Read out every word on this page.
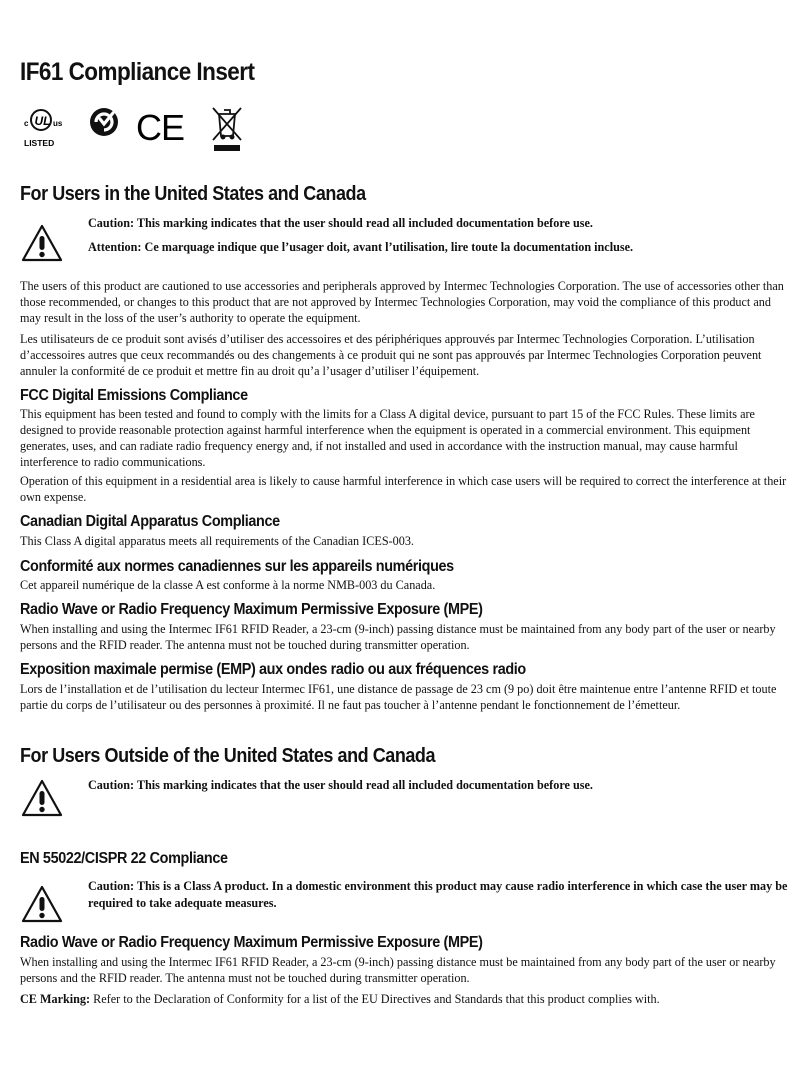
IF61 Compliance Insert
c UL us
LISTED CE
For Users in the United States and Canada
Caution: This marking indicates that the user should read all included documentation before use.
Attention: Ce marquage indique que l’usager doit, avant l’utilisation, lire toute la documentation incluse.

The users of this product are cautioned to use accessories and peripherals approved by Intermec Technologies Corporation. The use of accessories other than those recommended, or changes to this product that are not approved by Intermec Technologies Corporation, may void the compliance of this product and may result in the loss of the user’s authority to operate the equipment.

Les utilisateurs de ce produit sont avisés d’utiliser des accessoires et des périphériques approuvés par Intermec Technologies Corporation. L’utilisation d’accessoires autres que ceux recommandés ou des changements à ce produit qui ne sont pas approuvés par Intermec Technologies Corporation peuvent annuler la conformité de ce produit et mettre fin au droit qu’a l’usager d’utiliser l’équipement.

FCC Digital Emissions Compliance

This equipment has been tested and found to comply with the limits for a Class A digital device, pursuant to part 15 of the FCC Rules. These limits are designed to provide reasonable protection against harmful interference when the equipment is operated in a commercial environment. This equipment generates, uses, and can radiate radio frequency energy and, if not installed and used in accordance with the instruction manual, may cause harmful interference to radio communications.

Operation of this equipment in a residential area is likely to cause harmful interference in which case users will be required to correct the interference at their own expense.

Canadian Digital Apparatus Compliance

This Class A digital apparatus meets all requirements of the Canadian ICES-003.

Conformité aux normes canadiennes sur les appareils numériques

Cet appareil numérique de la classe A est conforme à la norme NMB-003 du Canada.

Radio Wave or Radio Frequency Maximum Permissive Exposure (MPE)

When installing and using the Intermec IF61 RFID Reader, a 23-cm (9-inch) passing distance must be maintained from any body part of the user or nearby persons and the RFID reader. The antenna must not be touched during transmitter operation.

Exposition maximale permise (EMP) aux ondes radio ou aux fréquences radio

Lors de l’installation et de l’utilisation du lecteur Intermec IF61, une distance de passage de 23 cm (9 po) doit être maintenue entre l’antenne RFID et toute partie du corps de l’utilisateur ou des personnes à proximité. Il ne faut pas toucher à l’antenne pendant le fonctionnement de l’émetteur.

For Users Outside of the United States and Canada
Caution: This marking indicates that the user should read all included documentation before use.
EN 55022/CISPR 22 Compliance
Caution: This is a Class A product. In a domestic environment this product may cause radio interference in which case the user may be required to take adequate measures.
Radio Wave or Radio Frequency Maximum Permissive Exposure (MPE)

When installing and using the Intermec IF61 RFID Reader, a 23-cm (9-inch) passing distance must be maintained from any body part of the user or nearby persons and the RFID reader. The antenna must not be touched during transmitter operation.

CE Marking: Refer to the Declaration of Conformity for a list of the EU Directives and Standards that this product complies with.
